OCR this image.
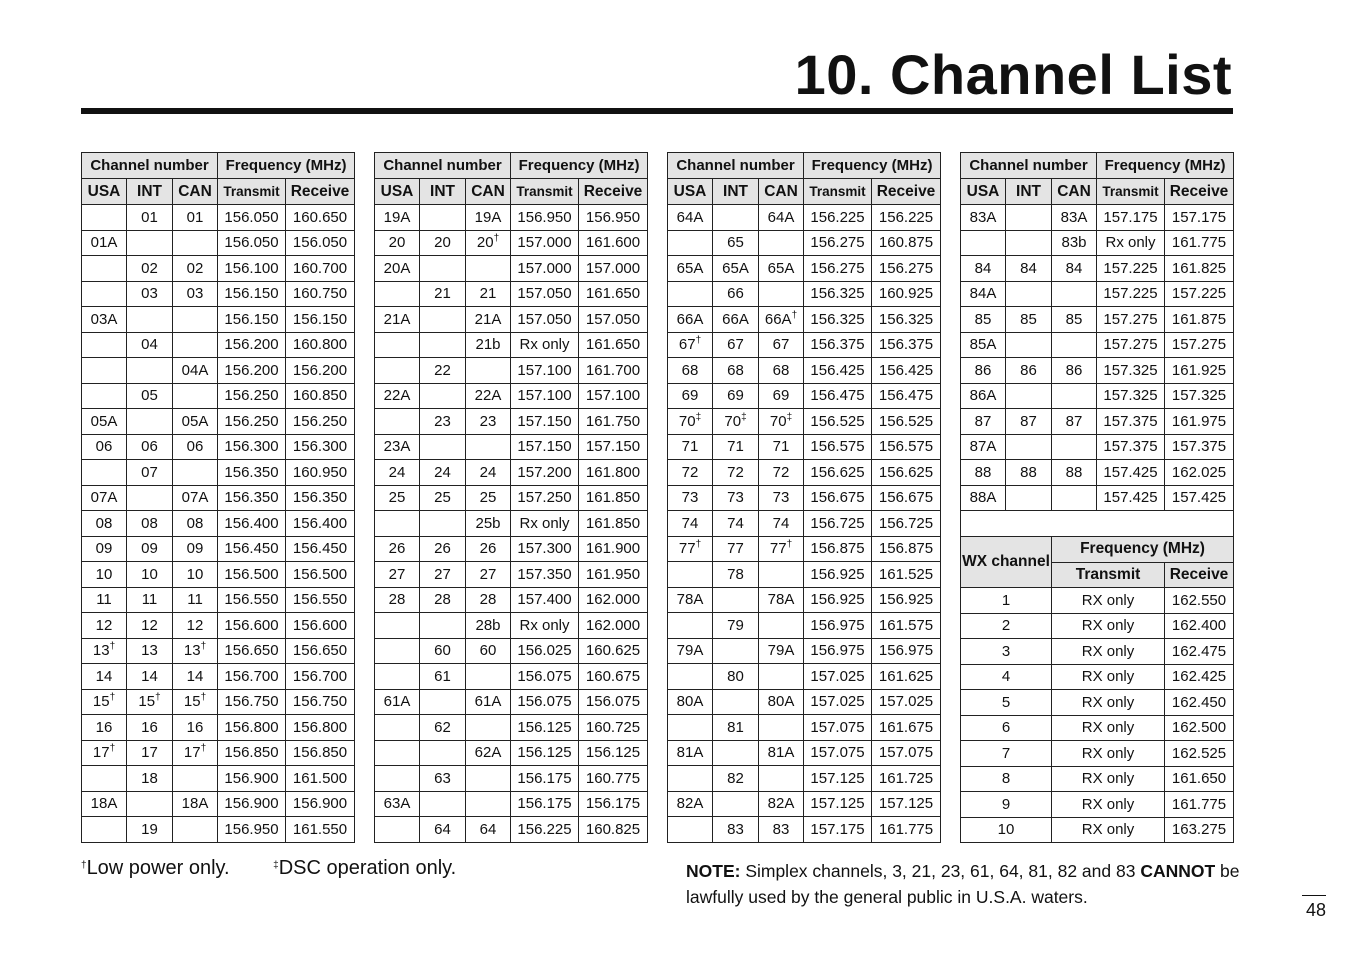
10. Channel List
Channel number			Frequency (MHz)	
USA	INT	CAN	Transmit	Receive
	01	01	156.050	160.650
01A			156.050	156.050
	02	02	156.100	160.700
	03	03	156.150	160.750
03A			156.150	156.150
	04		156.200	160.800
		04A	156.200	156.200
	05		156.250	160.850
05A		05A	156.250	156.250
06	06	06	156.300	156.300
	07		156.350	160.950
07A		07A	156.350	156.350
08	08	08	156.400	156.400
09	09	09	156.450	156.450
10	10	10	156.500	156.500
11	11	11	156.550	156.550
12	12	12	156.600	156.600
13†	13	13†	156.650	156.650
14	14	14	156.700	156.700
15†	15†	15†	156.750	156.750
16	16	16	156.800	156.800
17†	17	17†	156.850	156.850
	18		156.900	161.500
18A		18A	156.900	156.900
	19		156.950	161.550
Channel number			Frequency (MHz)	
USA	INT	CAN	Transmit	Receive
19A		19A	156.950	156.950
20	20	20†	157.000	161.600
20A			157.000	157.000
	21	21	157.050	161.650
21A		21A	157.050	157.050
		21b	Rx only	161.650
	22		157.100	161.700
22A		22A	157.100	157.100
	23	23	157.150	161.750
23A			157.150	157.150
24	24	24	157.200	161.800
25	25	25	157.250	161.850
		25b	Rx only	161.850
26	26	26	157.300	161.900
27	27	27	157.350	161.950
28	28	28	157.400	162.000
		28b	Rx only	162.000
	60	60	156.025	160.625
	61		156.075	160.675
61A		61A	156.075	156.075
	62		156.125	160.725
		62A	156.125	156.125
	63		156.175	160.775
63A			156.175	156.175
	64	64	156.225	160.825
Channel number			Frequency (MHz)	
USA	INT	CAN	Transmit	Receive
64A		64A	156.225	156.225
	65		156.275	160.875
65A	65A	65A	156.275	156.275
	66		156.325	160.925
66A	66A	66A†	156.325	156.325
67†	67	67	156.375	156.375
68	68	68	156.425	156.425
69	69	69	156.475	156.475
70‡	70‡	70‡	156.525	156.525
71	71	71	156.575	156.575
72	72	72	156.625	156.625
73	73	73	156.675	156.675
74	74	74	156.725	156.725
77†	77	77†	156.875	156.875
	78		156.925	161.525
78A		78A	156.925	156.925
	79		156.975	161.575
79A		79A	156.975	156.975
	80		157.025	161.625
80A		80A	157.025	157.025
	81		157.075	161.675
81A		81A	157.075	157.075
	82		157.125	161.725
82A		82A	157.125	157.125
	83	83	157.175	161.775
Channel number			Frequency (MHz)	
USA	INT	CAN	Transmit	Receive
83A		83A	157.175	157.175
		83b	Rx only	161.775
84	84	84	157.225	161.825
84A			157.225	157.225
85	85	85	157.275	161.875
85A			157.275	157.275
86	86	86	157.325	161.925
86A			157.325	157.325
87	87	87	157.375	161.975
87A			157.375	157.375
88	88	88	157.425	162.025
88A			157.425	157.425

WX channel		Frequency (MHz)		
		Transmit		Receive
1		RX only		162.550
2		RX only		162.400
3		RX only		162.475
4		RX only		162.425
5		RX only		162.450
6		RX only		162.500
7		RX only		162.525
8		RX only		161.650
9		RX only		161.775
10		RX only		163.275
†Low power only.	‡DSC operation only.	NOTE: Simplex channels, 3, 21, 23, 61, 64, 81, 82 and 83 CANNOT be lawfully used by the general public in U.S.A. waters.
48
